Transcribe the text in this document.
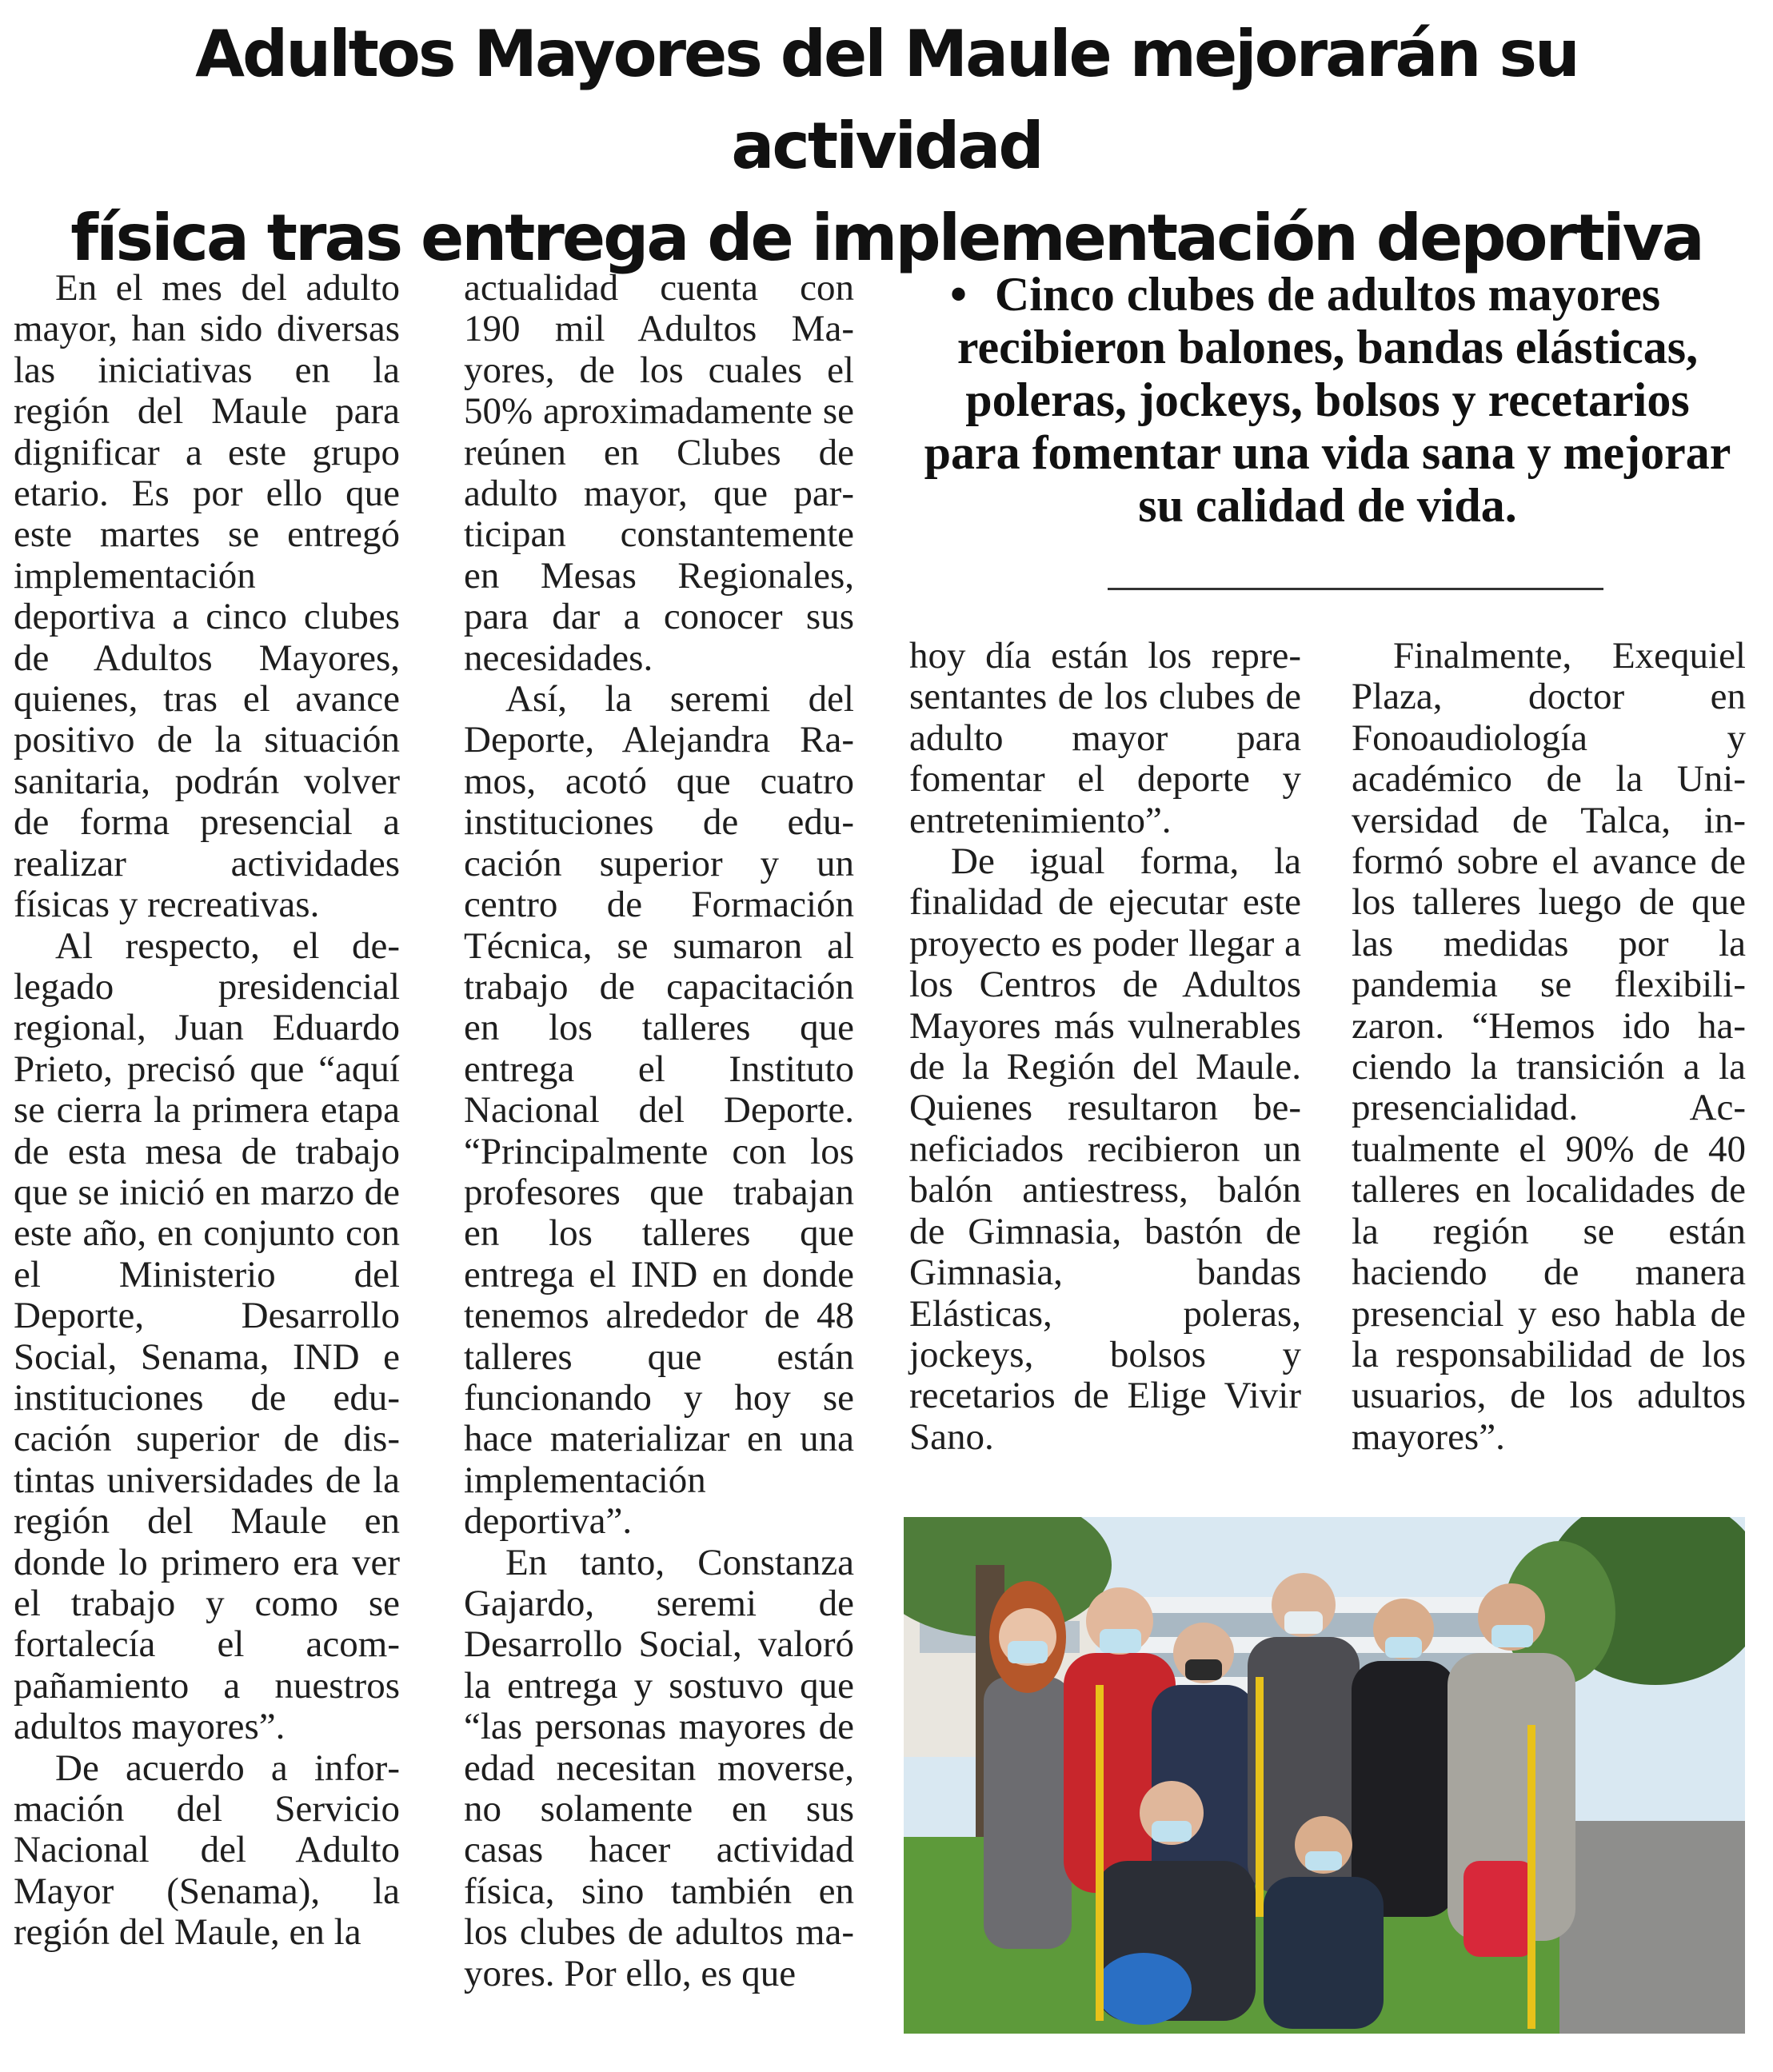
Adultos Mayores del Maule mejorarán su actividad
física tras entrega de implementación deportiva

En el mes del adulto mayor, han sido diversas las iniciativas en la región del Maule para dignificar a este grupo etario. Es por ello que este martes se entregó implementación deportiva a cinco clubes de Adultos Mayores, quienes, tras el avance positivo de la situación sanitaria, podrán volver de forma presencial a realizar actividades físicas y recreativas.

Al respecto, el delegado presidencial regional, Juan Eduardo Prieto, precisó que “aquí se cierra la primera etapa de esta mesa de trabajo que se inició en marzo de este año, en conjunto con el Ministerio del Deporte, Desarrollo Social, Senama, IND e instituciones de educación superior de distintas universidades de la región del Maule en donde lo primero era ver el trabajo y como se fortalecía el acompañamiento a nuestros adultos mayores”.

De acuerdo a información del Servicio Nacional del Adulto Mayor (Senama), la región del Maule, en la

actualidad cuenta con 190 mil Adultos Mayores, de los cuales el 50% aproximadamente se reúnen en Clubes de adulto mayor, que participan constantemente en Mesas Regionales, para dar a conocer sus necesidades.

Así, la seremi del Deporte, Alejandra Ramos, acotó que cuatro instituciones de educación superior y un centro de Formación Técnica, se sumaron al trabajo de capacitación en los talleres que entrega el Instituto Nacional del Deporte. “Principalmente con los profesores que trabajan en los talleres que entrega el IND en donde tenemos alrededor de 48 talleres que están funcionando y hoy se hace materializar en una implementación deportiva”.

En tanto, Constanza Gajardo, seremi de Desarrollo Social, valoró la entrega y sostuvo que “las personas mayores de edad necesitan moverse, no solamente en sus casas hacer actividad física, sino también en los clubes de adultos mayores. Por ello, es que

• Cinco clubes de adultos mayores recibieron balones, bandas elásticas, poleras, jockeys, bolsos y recetarios para fomentar una vida sana y mejorar su calidad de vida.

hoy día están los representantes de los clubes de adulto mayor para fomentar el deporte y entretenimiento”.

De igual forma, la finalidad de ejecutar este proyecto es poder llegar a los Centros de Adultos Mayores más vulnerables de la Región del Maule. Quienes resultaron beneficiados recibieron un balón antiestress, balón de Gimnasia, bastón de Gimnasia, bandas Elásticas, poleras, jockeys, bolsos y recetarios de Elige Vivir Sano.

Finalmente, Exequiel Plaza, doctor en Fonoaudiología y académico de la Universidad de Talca, informó sobre el avance de los talleres luego de que las medidas por la pandemia se flexibilizaron. “Hemos ido haciendo la transición a la presencialidad. Actualmente el 90% de 40 talleres en localidades de la región se están haciendo de manera presencial y eso habla de la responsabilidad de los usuarios, de los adultos mayores”.
